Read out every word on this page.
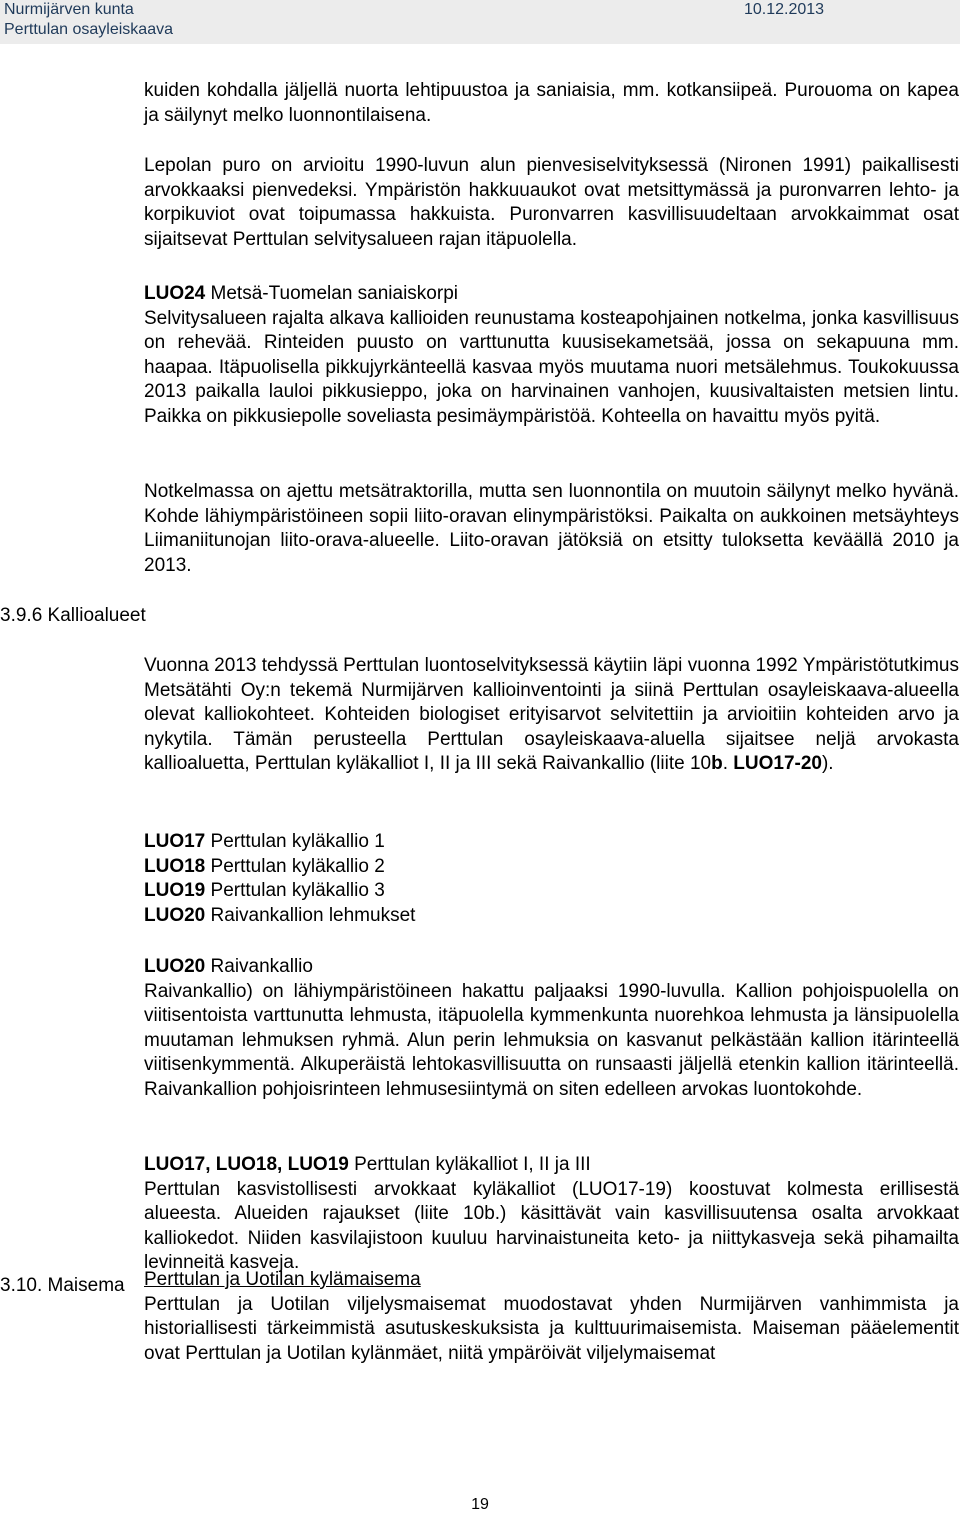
Nurmijärven kunta
Perttulan osayleiskaava
10.12.2013
3.9.6 Kallioalueet
3.10. Maisema

kuiden kohdalla jäljellä nuorta lehtipuustoa ja saniaisia, mm. kotkansiipeä. Purouoma on kapea ja säilynyt melko luonnontilaisena.

Lepolan puro on arvioitu 1990-luvun alun pienvesiselvityksessä (Nironen 1991) paikallisesti arvokkaaksi pienvedeksi. Ympäristön hakkuuaukot ovat metsittymässä ja puronvarren lehto- ja korpikuviot ovat toipumassa hakkuista. Puronvarren kasvillisuudeltaan arvokkaimmat osat sijaitsevat Perttulan selvitysalueen rajan itäpuolella.

LUO24 Metsä-Tuomelan saniaiskorpi

Selvitysalueen rajalta alkava kallioiden reunustama kosteapohjainen notkelma, jonka kasvillisuus on rehevää. Rinteiden puusto on varttunutta kuusisekametsää, jossa on sekapuuna mm. haapaa. Itäpuolisella pikkujyrkänteellä kasvaa myös muutama nuori metsälehmus. Toukokuussa 2013 paikalla lauloi pikkusieppo, joka on harvinainen vanhojen, kuusivaltaisten metsien lintu. Paikka on pikkusiepolle soveliasta pesimäympäristöä. Kohteella on havaittu myös pyitä.

Notkelmassa on ajettu metsätraktorilla, mutta sen luonnontila on muutoin säilynyt melko hyvänä. Kohde lähiympäristöineen sopii liito-oravan elinympäristöksi. Paikalta on aukkoinen metsäyhteys Liimaniitunojan liito-orava-alueelle. Liito-oravan jätöksiä on etsitty tuloksetta keväällä 2010 ja 2013.

Vuonna 2013 tehdyssä Perttulan luontoselvityksessä käytiin läpi vuonna 1992 Ympäristötutkimus Metsätähti Oy:n tekemä Nurmijärven kallioinventointi ja siinä Perttulan osayleiskaava-alueella olevat kalliokohteet. Kohteiden biologiset erityisarvot selvitettiin ja arvioitiin kohteiden arvo ja nykytila. Tämän perusteella Perttulan osayleiskaava-aluella sijaitsee neljä arvokasta kallioaluetta, Perttulan kyläkalliot I, II ja III sekä Raivankallio (liite 10b. LUO17-20).

LUO17 Perttulan kyläkallio 1

LUO18 Perttulan kyläkallio 2

LUO19 Perttulan kyläkallio 3

LUO20 Raivankallion lehmukset

LUO20 Raivankallio

Raivankallio) on lähiympäristöineen hakattu paljaaksi 1990-luvulla. Kallion pohjoispuolella on viitisentoista varttunutta lehmusta, itäpuolella kymmenkunta nuorehkoa lehmusta ja länsipuolella muutaman lehmuksen ryhmä. Alun perin lehmuksia on kasvanut pelkästään kallion itärinteellä viitisenkymmentä. Alkuperäistä lehtokasvillisuutta on runsaasti jäljellä etenkin kallion itärinteellä. Raivankallion pohjoisrinteen lehmusesiintymä on siten edelleen arvokas luontokohde.

LUO17, LUO18, LUO19 Perttulan kyläkalliot I, II ja III

Perttulan kasvistollisesti arvokkaat kyläkalliot (LUO17-19) koostuvat kolmesta erillisestä alueesta. Alueiden rajaukset (liite 10b.) käsittävät vain kasvillisuutensa osalta arvokkaat kalliokedot. Niiden kasvilajistoon kuuluu harvinaistuneita keto- ja niittykasveja sekä pihamailta levinneitä kasveja.

Perttulan ja Uotilan kylämaisema

Perttulan ja Uotilan viljelysmaisemat muodostavat yhden Nurmijärven vanhimmista ja historiallisesti tärkeimmistä asutuskeskuksista ja kulttuurimaisemista. Maiseman pääelementit ovat Perttulan ja Uotilan kylänmäet, niitä ympäröivät viljelymaisemat

19
